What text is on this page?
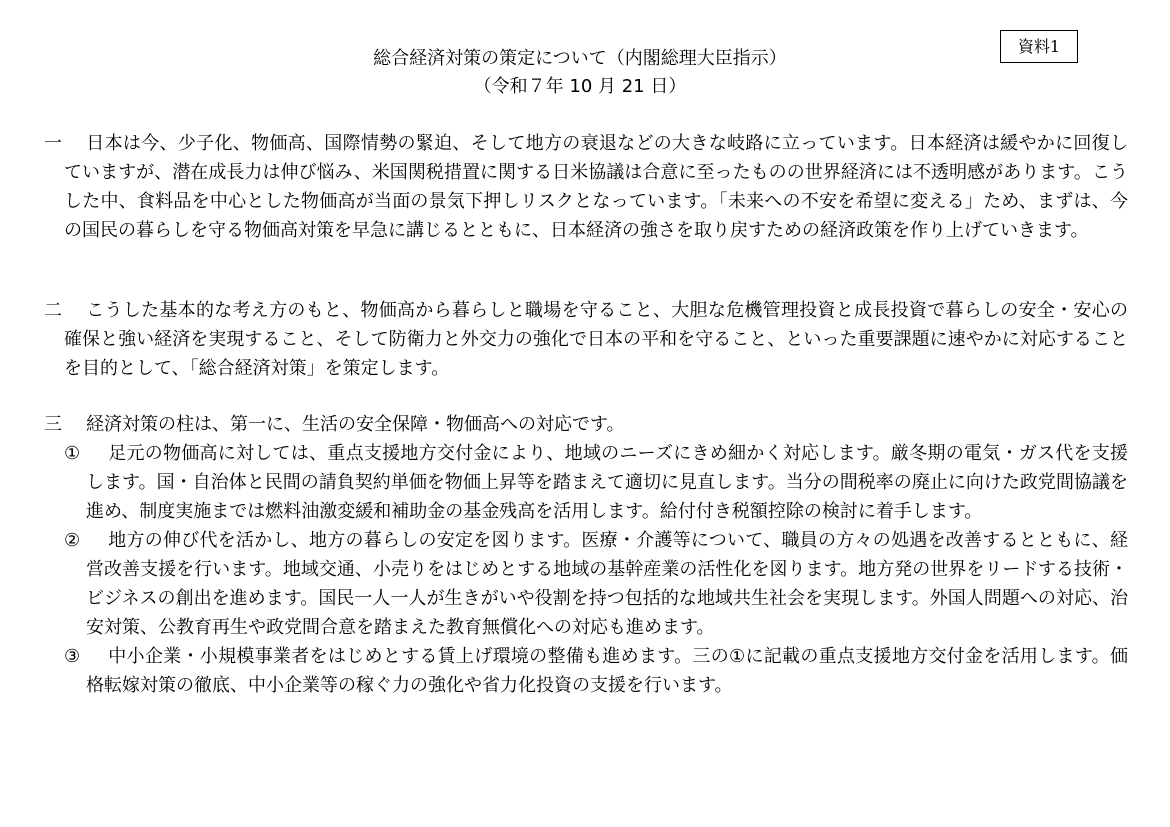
資料1
総合経済対策の策定について（内閣総理大臣指示）
（令和７年 10 月 21 日）
一	日本は今、少子化、物価高、国際情勢の緊迫、そして地方の衰退などの大きな岐路に立っています。日本経済は緩やかに回復していますが、潜在成長力は伸び悩み、米国関税措置に関する日米協議は合意に至ったものの世界経済には不透明感があります。こうした中、食料品を中心とした物価高が当面の景気下押しリスクとなっています。「未来への不安を希望に変える」ため、まずは、今の国民の暮らしを守る物価高対策を早急に講じるとともに、日本経済の強さを取り戻すための経済政策を作り上げていきます。
二	こうした基本的な考え方のもと、物価高から暮らしと職場を守ること、大胆な危機管理投資と成長投資で暮らしの安全・安心の確保と強い経済を実現すること、そして防衛力と外交力の強化で日本の平和を守ること、といった重要課題に速やかに対応することを目的として、「総合経済対策」を策定します。
三	経済対策の柱は、第一に、生活の安全保障・物価高への対応です。
①	足元の物価高に対しては、重点支援地方交付金により、地域のニーズにきめ細かく対応します。厳冬期の電気・ガス代を支援します。国・自治体と民間の請負契約単価を物価上昇等を踏まえて適切に見直します。当分の間税率の廃止に向けた政党間協議を進め、制度実施までは燃料油激変緩和補助金の基金残高を活用します。給付付き税額控除の検討に着手します。
②	地方の伸び代を活かし、地方の暮らしの安定を図ります。医療・介護等について、職員の方々の処遇を改善するとともに、経営改善支援を行います。地域交通、小売りをはじめとする地域の基幹産業の活性化を図ります。地方発の世界をリードする技術・ビジネスの創出を進めます。国民一人一人が生きがいや役割を持つ包括的な地域共生社会を実現します。外国人問題への対応、治安対策、公教育再生や政党間合意を踏まえた教育無償化への対応も進めます。
③	中小企業・小規模事業者をはじめとする賃上げ環境の整備も進めます。三の①に記載の重点支援地方交付金を活用します。価格転嫁対策の徹底、中小企業等の稼ぐ力の強化や省力化投資の支援を行います。
